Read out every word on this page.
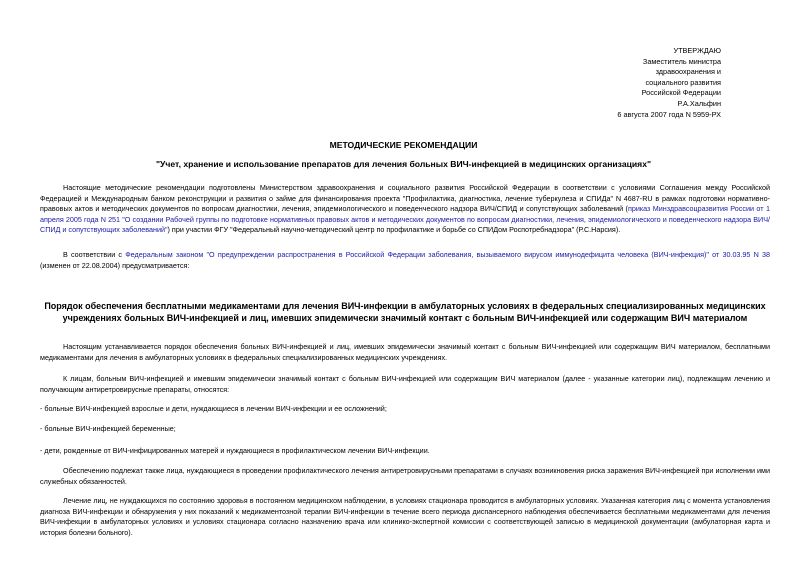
УТВЕРЖДАЮ
Заместитель министра
здравоохранения и
социального развития
Российской Федерации
Р.А.Хальфин
6 августа 2007 года N 5959-РХ
МЕТОДИЧЕСКИЕ РЕКОМЕНДАЦИИ
"Учет, хранение и использование препаратов для лечения больных ВИЧ-инфекцией в медицинских организациях"
Настоящие методические рекомендации подготовлены Министерством здравоохранения и социального развития Российской Федерации в соответствии с условиями Соглашения между Российской Федерацией и Международным банком реконструкции и развития о займе для финансирования проекта "Профилактика, диагностика, лечение туберкулеза и СПИДа" N 4687-RU в рамках подготовки нормативно-правовых актов и методических документов по вопросам диагностики, лечения, эпидемиологического и поведенческого надзора ВИЧ/СПИД и сопутствующих заболеваний (приказ Минздравсоцразвития России от 1 апреля 2005 года N 251 "О создании Рабочей группы по подготовке нормативных правовых актов и методических документов по вопросам диагностики, лечения, эпидемиологического и поведенческого надзора ВИЧ/СПИД и сопутствующих заболеваний") при участии ФГУ "Федеральный научно-методический центр по профилактике и борьбе со СПИДом Роспотребнадзора" (Р.С.Нарсия).
В соответствии с Федеральным законом "О предупреждении распространения в Российской Федерации заболевания, вызываемого вирусом иммунодефицита человека (ВИЧ-инфекция)" от 30.03.95 N 38 (изменен от 22.08.2004) предусматривается:
Порядок обеспечения бесплатными медикаментами для лечения ВИЧ-инфекции в амбулаторных условиях в федеральных специализированных медицинских учреждениях больных ВИЧ-инфекцией и лиц, имевших эпидемически значимый контакт с больным ВИЧ-инфекцией или содержащим ВИЧ материалом
Настоящим устанавливается порядок обеспечения больных ВИЧ-инфекцией и лиц, имевших эпидемически значимый контакт с больным ВИЧ-инфекцией или содержащим ВИЧ материалом, бесплатными медикаментами для лечения в амбулаторных условиях в федеральных специализированных медицинских учреждениях.
К лицам, больным ВИЧ-инфекцией и имевшим эпидемически значимый контакт с больным ВИЧ-инфекцией или содержащим ВИЧ материалом (далее - указанные категории лиц), подлежащим лечению и получающим антиретровирусные препараты, относятся:
- больные ВИЧ-инфекцией взрослые и дети, нуждающиеся в лечении ВИЧ-инфекции и ее осложнений;
- больные ВИЧ-инфекцией беременные;
- дети, рожденные от ВИЧ-инфицированных матерей и нуждающиеся в профилактическом лечении ВИЧ-инфекции.
Обеспечению подлежат также лица, нуждающиеся в проведении профилактического лечения антиретровирусными препаратами в случаях возникновения риска заражения ВИЧ-инфекцией при исполнении ими служебных обязанностей.
Лечение лиц, не нуждающихся по состоянию здоровья в постоянном медицинском наблюдении, в условиях стационара проводится в амбулаторных условиях. Указанная категория лиц с момента установления диагноза ВИЧ-инфекции и обнаружения у них показаний к медикаментозной терапии ВИЧ-инфекции в течение всего периода диспансерного наблюдения обеспечивается бесплатными медикаментами для лечения ВИЧ-инфекции в амбулаторных условиях и условиях стационара согласно назначению врача или клинико-экспертной комиссии с соответствующей записью в медицинской документации (амбулаторная карта и история болезни больного).
